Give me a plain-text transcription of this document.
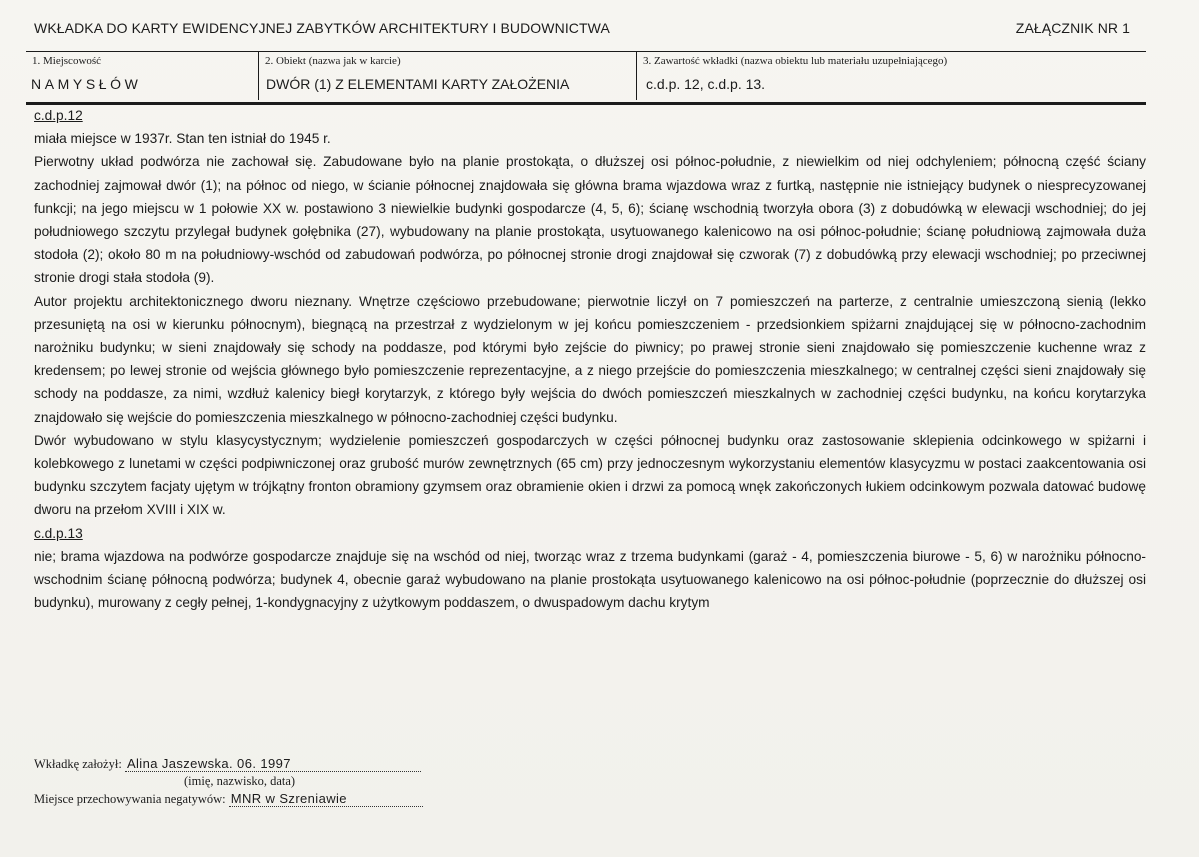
WKŁADKA DO KARTY EWIDENCYJNEJ ZABYTKÓW ARCHITEKTURY I BUDOWNICTWA	ZAŁĄCZNIK NR 1
1. Miejscowość
NAMYSŁÓW
2. Obiekt (nazwa jak w karcie)
DWÓR (1) Z ELEMENTAMI KARTY ZAŁOŻENIA
3. Zawartość wkładki (nazwa obiektu lub materiału uzupełniającego)
c.d.p. 12, c.d.p. 13.
c.d.p.12

miała miejsce w 1937r. Stan ten istniał do 1945 r.

Pierwotny układ podwórza nie zachował się. Zabudowane było na planie prostokąta, o dłuższej osi północ-południe, z niewielkim od niej odchyleniem; północną część ściany zachodniej zajmował dwór (1); na północ od niego, w ścianie północnej znajdowała się główna brama wjazdowa wraz z furtką, następnie nie istniejący budynek o niesprecyzowanej funkcji; na jego miejscu w 1 połowie XX w. postawiono 3 niewielkie budynki gospodarcze (4, 5, 6); ścianę wschodnią tworzyła obora (3) z dobudówką w elewacji wschodniej; do jej południowego szczytu przylegał budynek gołębnika (27), wybudowany na planie prostokąta, usytuowanego kalenicowo na osi północ-południe; ścianę południową zajmowała duża stodoła (2); około 80 m na południowy-wschód od zabudowań podwórza, po północnej stronie drogi znajdował się czworak (7) z dobudówką przy elewacji wschodniej; po przeciwnej stronie drogi stała stodoła (9).

Autor projektu architektonicznego dworu nieznany. Wnętrze częściowo przebudowane; pierwotnie liczył on 7 pomieszczeń na parterze, z centralnie umieszczoną sienią (lekko przesuniętą na osi w kierunku północnym), biegnącą na przestrzał z wydzielonym w jej końcu pomieszczeniem - przedsionkiem spiżarni znajdującej się w północno-zachodnim narożniku budynku; w sieni znajdowały się schody na poddasze, pod którymi było zejście do piwnicy; po prawej stronie sieni znajdowało się pomieszczenie kuchenne wraz z kredensem; po lewej stronie od wejścia głównego było pomieszczenie reprezentacyjne, a z niego przejście do pomieszczenia mieszkalnego; w centralnej części sieni znajdowały się schody na poddasze, za nimi, wzdłuż kalenicy biegł korytarzyk, z którego były wejścia do dwóch pomieszczeń mieszkalnych w zachodniej części budynku, na końcu korytarzyka znajdowało się wejście do pomieszczenia mieszkalnego w północno-zachodniej części budynku.

Dwór wybudowano w stylu klasycystycznym; wydzielenie pomieszczeń gospodarczych w części północnej budynku oraz zastosowanie sklepienia odcinkowego w spiżarni i kolebkowego z lunetami w części podpiwniczonej oraz grubość murów zewnętrznych (65 cm) przy jednoczesnym wykorzystaniu elementów klasycyzmu w postaci zaakcentowania osi budynku szczytem facjaty ujętym w trójkątny fronton obramiony gzymsem oraz obramienie okien i drzwi za pomocą wnęk zakończonych łukiem odcinkowym pozwala datować budowę dworu na przełom XVIII i XIX w.

c.d.p.13

nie; brama wjazdowa na podwórze gospodarcze znajduje się na wschód od niej, tworząc wraz z trzema budynkami (garaż - 4, pomieszczenia biurowe - 5, 6) w narożniku północno-wschodnim ścianę północną podwórza; budynek 4, obecnie garaż wybudowano na planie prostokąta usytuowanego kalenicowo na osi północ-południe (poprzecznie do dłuższej osi budynku), murowany z cegły pełnej, 1-kondygnacyjny z użytkowym poddaszem, o dwuspadowym dachu krytym

Wkładkę założył: Alina Jaszewska. 06. 1997
(imię, nazwisko, data)
Miejsce przechowywania negatywów: MNR w Szreniawie
